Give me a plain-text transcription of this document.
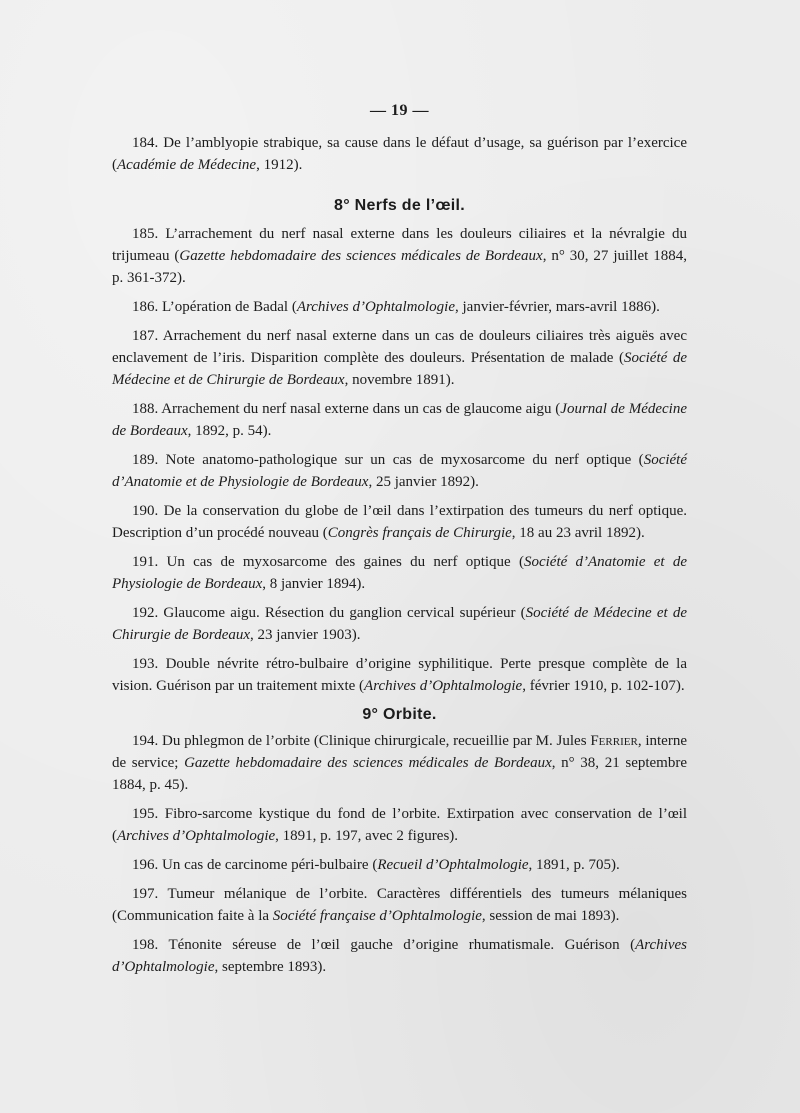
— 19 —

184. De l’amblyopie strabique, sa cause dans le défaut d’usage, sa guérison par l’exercice (Académie de Médecine, 1912).

8° Nerfs de l’œil.

185. L’arrachement du nerf nasal externe dans les douleurs ciliaires et la névralgie du trijumeau (Gazette hebdomadaire des sciences médicales de Bordeaux, n° 30, 27 juillet 1884, p. 361-372).

186. L’opération de Badal (Archives d’Ophtalmologie, janvier-février, mars-avril 1886).

187. Arrachement du nerf nasal externe dans un cas de douleurs ciliaires très aiguës avec enclavement de l’iris. Disparition complète des douleurs. Présentation de malade (Société de Médecine et de Chirurgie de Bordeaux, novembre 1891).

188. Arrachement du nerf nasal externe dans un cas de glaucome aigu (Journal de Médecine de Bordeaux, 1892, p. 54).

189. Note anatomo-pathologique sur un cas de myxosarcome du nerf optique (Société d’Anatomie et de Physiologie de Bordeaux, 25 janvier 1892).

190. De la conservation du globe de l’œil dans l’extirpation des tumeurs du nerf optique. Description d’un procédé nouveau (Congrès français de Chirurgie, 18 au 23 avril 1892).

191. Un cas de myxosarcome des gaines du nerf optique (Société d’Anatomie et de Physiologie de Bordeaux, 8 janvier 1894).

192. Glaucome aigu. Résection du ganglion cervical supérieur (Société de Médecine et de Chirurgie de Bordeaux, 23 janvier 1903).

193. Double névrite rétro-bulbaire d’origine syphilitique. Perte presque complète de la vision. Guérison par un traitement mixte (Archives d’Ophtalmologie, février 1910, p. 102-107).

9° Orbite.

194. Du phlegmon de l’orbite (Clinique chirurgicale, recueillie par M. Jules Ferrier, interne de service; Gazette hebdomadaire des sciences médicales de Bordeaux, n° 38, 21 septembre 1884, p. 45).

195. Fibro-sarcome kystique du fond de l’orbite. Extirpation avec conservation de l’œil (Archives d’Ophtalmologie, 1891, p. 197, avec 2 figures).

196. Un cas de carcinome péri-bulbaire (Recueil d’Ophtalmologie, 1891, p. 705).

197. Tumeur mélanique de l’orbite. Caractères différentiels des tumeurs mélaniques (Communication faite à la Société française d’Ophtalmologie, session de mai 1893).

198. Ténonite séreuse de l’œil gauche d’origine rhumatismale. Guérison (Archives d’Ophtalmologie, septembre 1893).
